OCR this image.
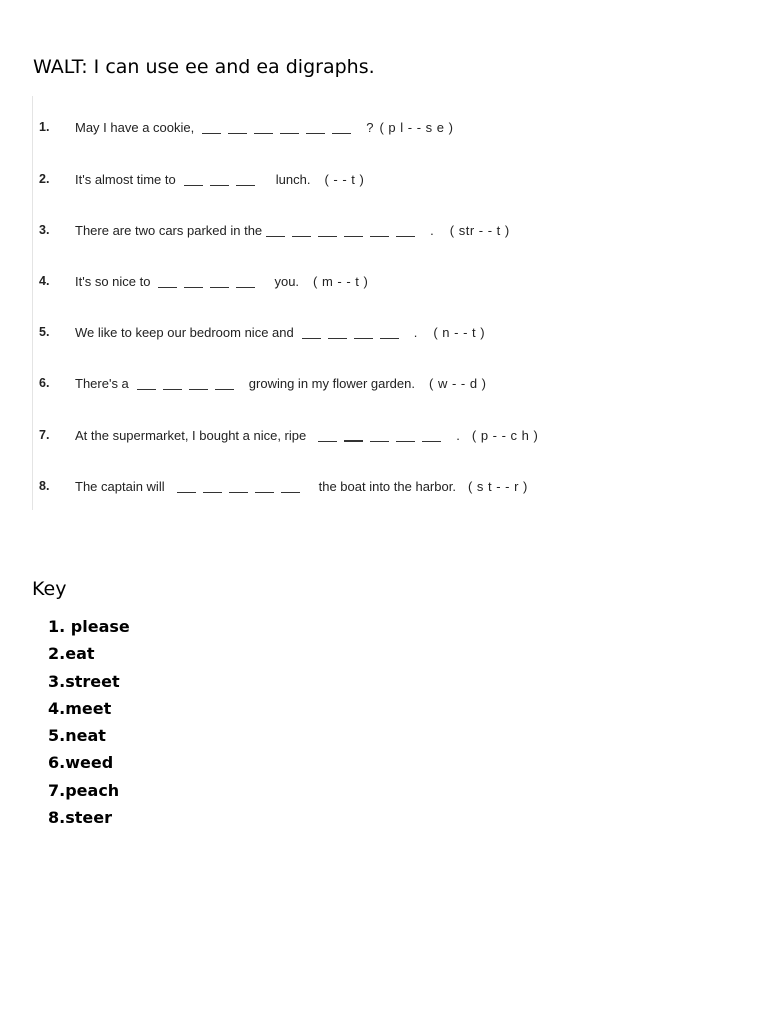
WALT: I can use ee and ea digraphs.
1.	May I have a cookie,	? ( p l - - s e )
2.	It's almost time to	lunch. ( - - t )
3.	There are two cars parked in the	. ( str - - t )
4.	It's so nice to	you. ( m - - t )
5.	We like to keep our bedroom nice and	. ( n - - t )
6.	There's a	growing in my flower garden. ( w - - d )
7.	At the supermarket, I bought a nice, ripe	. ( p - - c h )
8.	The captain will	the boat into the harbor. ( s t - - r )
Key
1. please
2.eat
3.street
4.meet
5.neat
6.weed
7.peach
8.steer
